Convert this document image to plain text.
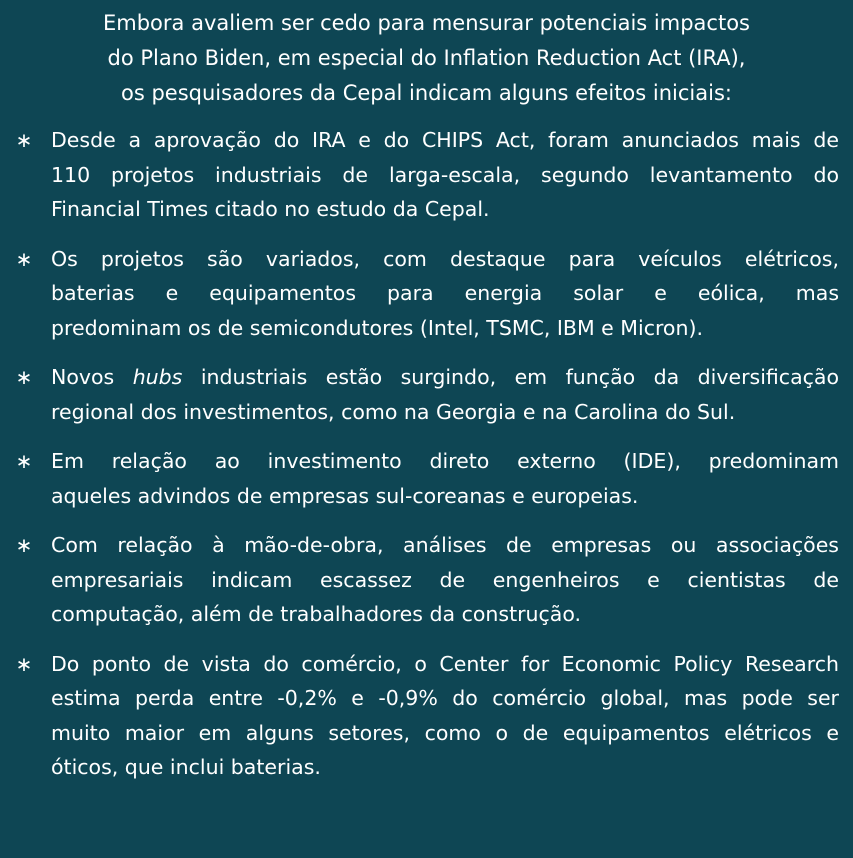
Embora avaliem ser cedo para mensurar potenciais impactos
do Plano Biden, em especial do Inflation Reduction Act (IRA),
os pesquisadores da Cepal indicam alguns efeitos iniciais:

∗ Desde a aprovação do IRA e do CHIPS Act, foram anunciados mais de
110 projetos industriais de larga-escala, segundo levantamento do
Financial Times citado no estudo da Cepal.
∗ Os projetos são variados, com destaque para veículos elétricos,
baterias e equipamentos para energia solar e eólica, mas
predominam os de semicondutores (Intel, TSMC, IBM e Micron).
∗ Novos hubs industriais estão surgindo, em função da diversificação
regional dos investimentos, como na Georgia e na Carolina do Sul.
∗ Em relação ao investimento direto externo (IDE), predominam
aqueles advindos de empresas sul-coreanas e europeias.
∗ Com relação à mão-de-obra, análises de empresas ou associações
empresariais indicam escassez de engenheiros e cientistas de
computação, além de trabalhadores da construção.
∗ Do ponto de vista do comércio, o Center for Economic Policy Research
estima perda entre -0,2% e -0,9% do comércio global, mas pode ser
muito maior em alguns setores, como o de equipamentos elétricos e
óticos, que inclui baterias.
